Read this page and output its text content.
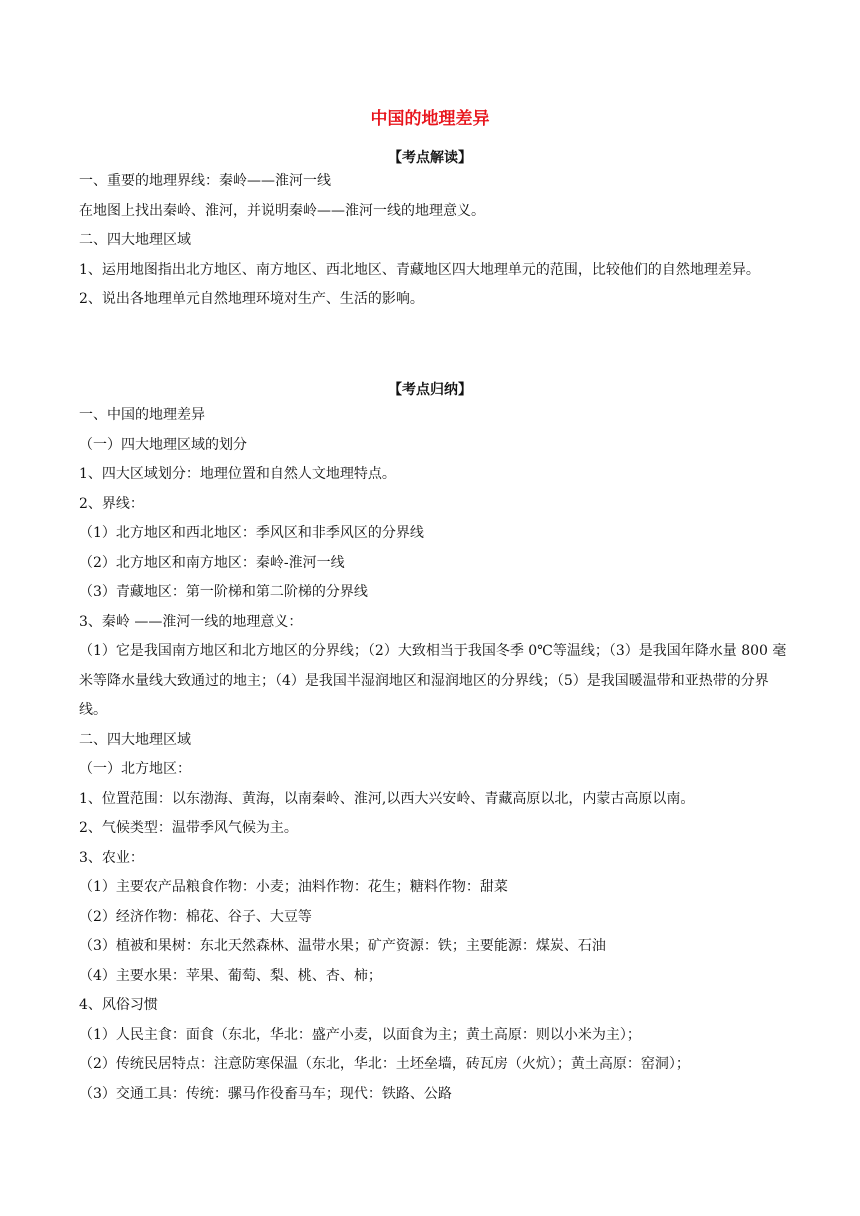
中国的地理差异
【考点解读】

一、重要的地理界线：秦岭——淮河一线

在地图上找出秦岭、淮河，并说明秦岭——淮河一线的地理意义。

二、四大地理区域

1、运用地图指出北方地区、南方地区、西北地区、青藏地区四大地理单元的范围，比较他们的自然地理差异。

2、说出各地理单元自然地理环境对生产、生活的影响。

【考点归纳】

一、中国的地理差异

（一）四大地理区域的划分

1、四大区域划分：地理位置和自然人文地理特点。

2、界线：

（1）北方地区和西北地区：季风区和非季风区的分界线

（2）北方地区和南方地区：秦岭-淮河一线

（3）青藏地区：第一阶梯和第二阶梯的分界线

3、秦岭 ——淮河一线的地理意义：

（1）它是我国南方地区和北方地区的分界线；（2）大致相当于我国冬季 0℃等温线；（3）是我国年降水量 800 毫米等降水量线大致通过的地主；（4）是我国半湿润地区和湿润地区的分界线；（5）是我国暖温带和亚热带的分界线。

二、四大地理区域

（一）北方地区：

1、位置范围：以东渤海、黄海，以南秦岭、淮河,以西大兴安岭、青藏高原以北，内蒙古高原以南。

2、气候类型：温带季风气候为主。

3、农业：

（1）主要农产品粮食作物：小麦；油料作物：花生；糖料作物：甜菜

（2）经济作物：棉花、谷子、大豆等

（3）植被和果树：东北天然森林、温带水果；矿产资源：铁；主要能源：煤炭、石油

（4）主要水果：苹果、葡萄、梨、桃、杏、柿；

4、风俗习惯

（1）人民主食：面食（东北，华北：盛产小麦，以面食为主；黄土高原：则以小米为主）；

（2）传统民居特点：注意防寒保温（东北，华北：土坯垒墙，砖瓦房（火炕）；黄土高原：窑洞）；

（3）交通工具：传统：骡马作役畜马车；现代：铁路、公路
